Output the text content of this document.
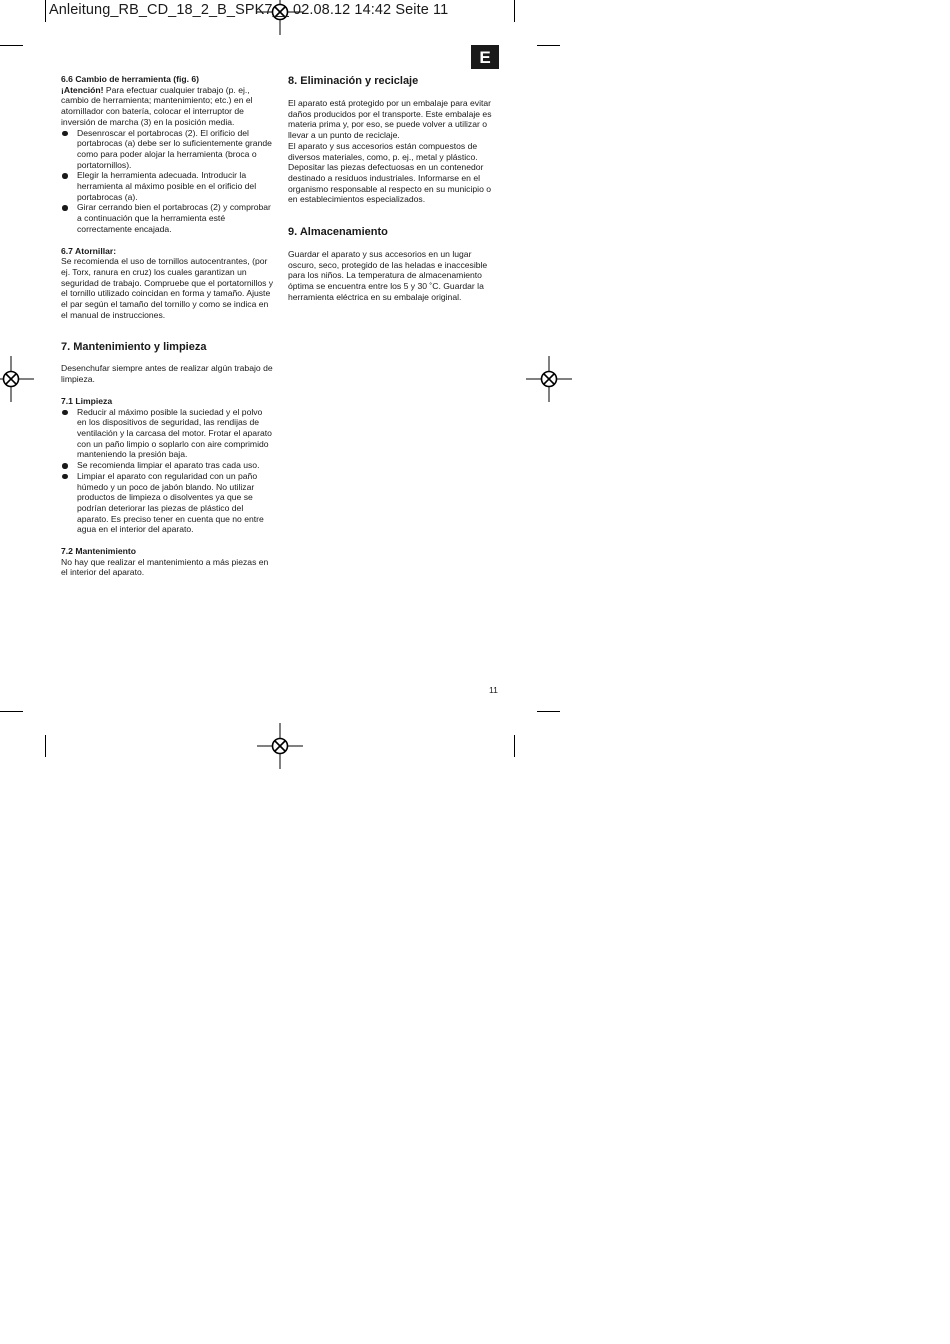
Anleitung_RB_CD_18_2_B_SPK7__ 02.08.12 14:42 Seite 11
E

6.6 Cambio de herramienta (fig. 6)

¡Atención! Para efectuar cualquier trabajo (p. ej., cambio de herramienta; mantenimiento; etc.) en el atornillador con batería, colocar el interruptor de inversión de marcha (3) en la posición media.

Desenroscar el portabrocas (2). El orificio del portabrocas (a) debe ser lo suficientemente grande como para poder alojar la herramienta (broca o portatornillos).
Elegir la herramienta adecuada. Introducir la herramienta al máximo posible en el orificio del portabrocas (a).
Girar cerrando bien el portabrocas (2) y comprobar a continuación que la herramienta esté correctamente encajada.

6.7 Atornillar:

Se recomienda el uso de tornillos autocentrantes, (por ej. Torx, ranura en cruz) los cuales garantizan un seguridad de trabajo. Compruebe que el portatornillos y el tornillo utilizado coincidan en forma y tamaño. Ajuste el par según el tamaño del tornillo y como se indica en el manual de instrucciones.

7. Mantenimiento y limpieza

Desenchufar siempre antes de realizar algún trabajo de limpieza.

7.1 Limpieza

Reducir al máximo posible la suciedad y el polvo en los dispositivos de seguridad, las rendijas de ventilación y la carcasa del motor. Frotar el aparato con un paño limpio o soplarlo con aire comprimido manteniendo la presión baja.
Se recomienda limpiar el aparato tras cada uso.
Limpiar el aparato con regularidad con un paño húmedo y un poco de jabón blando. No utilizar productos de limpieza o disolventes ya que se podrían deteriorar las piezas de plástico del aparato. Es preciso tener en cuenta que no entre agua en el interior del aparato.

7.2 Mantenimiento

No hay que realizar el mantenimiento a más piezas en el interior del aparato.

8. Eliminación y reciclaje

El aparato está protegido por un embalaje para evitar daños producidos por el transporte. Este embalaje es materia prima y, por eso, se puede volver a utilizar o llevar a un punto de reciclaje.

El aparato y sus accesorios están compuestos de diversos materiales, como, p. ej., metal y plástico. Depositar las piezas defectuosas en un contenedor destinado a residuos industriales. Informarse en el organismo responsable al respecto en su municipio o en establecimientos especializados.

9. Almacenamiento

Guardar el aparato y sus accesorios en un lugar oscuro, seco, protegido de las heladas e inaccesible para los niños. La temperatura de almacenamiento óptima se encuentra entre los 5 y 30 ˚C. Guardar la herramienta eléctrica en su embalaje original.

11
